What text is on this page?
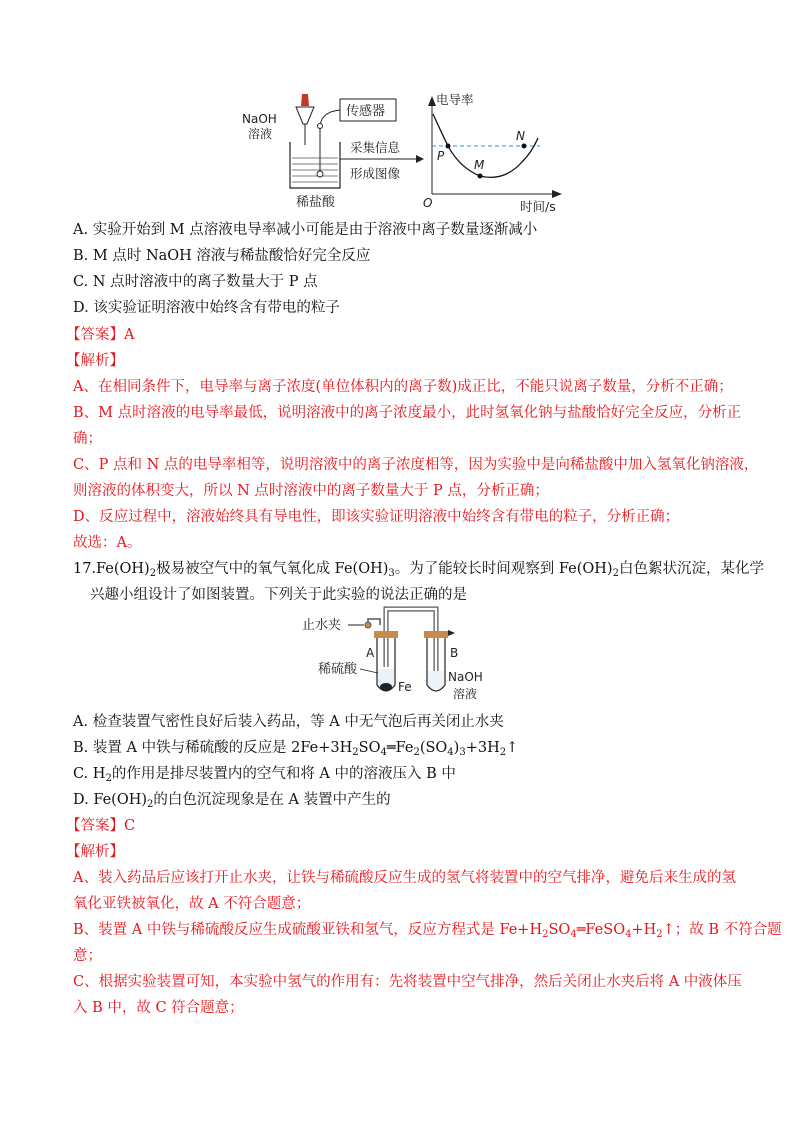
NaOH
溶液
传感器
稀盐酸
采集信息
形成图像
电导率
时间/s
O
P
M
N
A. 实验开始到 M 点溶液电导率减小可能是由于溶液中离子数量逐渐减小
B. M 点时 NaOH 溶液与稀盐酸恰好完全反应
C. N 点时溶液中的离子数量大于 P 点
D. 该实验证明溶液中始终含有带电的粒子
【答案】A
【解析】
A、在相同条件下，电导率与离子浓度(单位体积内的离子数)成正比，不能只说离子数量，分析不正确；
B、M 点时溶液的电导率最低，说明溶液中的离子浓度最小，此时氢氧化钠与盐酸恰好完全反应，分析正
确；
C、P 点和 N 点的电导率相等，说明溶液中的离子浓度相等，因为实验中是向稀盐酸中加入氢氧化钠溶液，
则溶液的体积变大，所以 N 点时溶液中的离子数量大于 P 点，分析正确；
D、反应过程中，溶液始终具有导电性，即该实验证明溶液中始终含有带电的粒子，分析正确；
故选：A。
17. $Fe(OH)_2$极易被空气中的氧气氧化成 $Fe(OH)_3$。为了能较长时间观察到 $Fe(OH)_2$白色絮状沉淀，某化学
兴趣小组设计了如图装置。下列关于此实验的说法正确的是
止水夹
A	B
稀硫酸
Fe
NaOH
溶液
A. 检查装置气密性良好后装入药品，等 A 中无气泡后再关闭止水夹
B. 装置 A 中铁与稀硫酸的反应是 $2Fe+3H_2SO_4═Fe_2(SO_4)_3+3H_2↑$
C. $H_2$的作用是排尽装置内的空气和将 A 中的溶液压入 B 中
D. $Fe(OH)_2$的白色沉淀现象是在 A 装置中产生的
【答案】C
【解析】
A、装入药品后应该打开止水夹，让铁与稀硫酸反应生成的氢气将装置中的空气排净，避免后来生成的氢
氧化亚铁被氧化，故 A 不符合题意；
B、装置 A 中铁与稀硫酸反应生成硫酸亚铁和氢气，反应方程式是 $Fe+H_2SO_4═FeSO_4+H_2↑$；故 B 不符合题
意；
C、根据实验装置可知，本实验中氢气的作用有：先将装置中空气排净，然后关闭止水夹后将 A 中液体压
入 B 中，故 C 符合题意；
